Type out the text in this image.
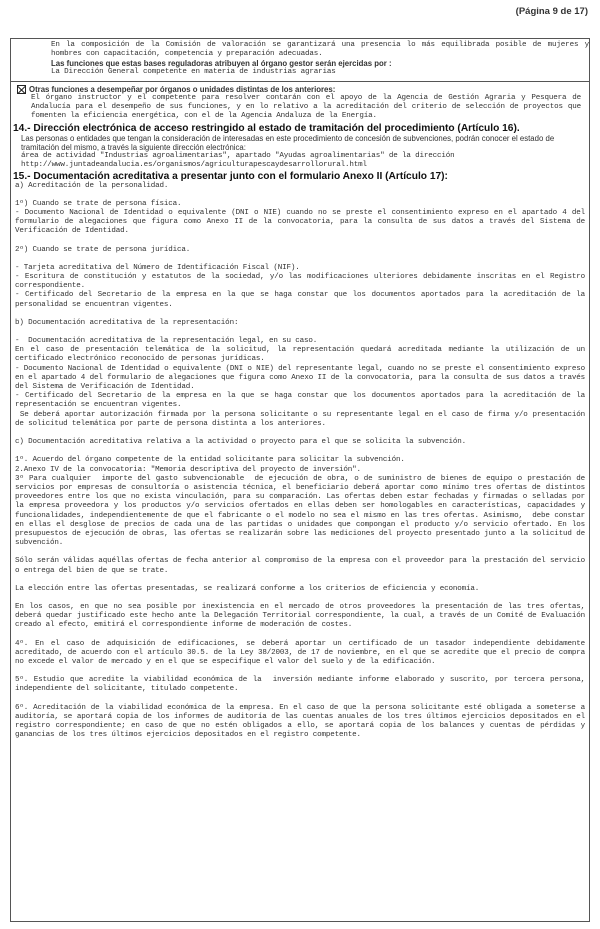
(Página 9 de 17)
En la composición de la Comisión de valoración se garantizará una presencia lo más equilibrada posible de mujeres y hombres con capacitación, competencia y preparación adecuadas.
Las funciones que estas bases reguladoras atribuyen al órgano gestor serán ejercidas por :
La Dirección General competente en materia de industrias agrarias
Otras funciones a desempeñar por órganos o unidades distintas de los anteriores:
El órgano instructor y el competente para resolver contarán con el apoyo de la Agencia de Gestión Agraria y Pesquera de Andalucía para el desempeño de sus funciones, y en lo relativo a la acreditación del criterio de selección de proyectos que fomenten la eficiencia energética, con el de la Agencia Andaluza de la Energía.
14.- Dirección electrónica de acceso restringido al estado de tramitación del procedimiento (Artículo 16).
Las personas o entidades que tengan la consideración de interesadas en este procedimiento de concesión de subvenciones, podrán conocer el estado de tramitación del mismo, a través la siguiente dirección electrónica:
área de actividad "Industrias agroalimentarias", apartado "Ayudas agroalimentarias" de la dirección
http://www.juntadeandalucia.es/organismos/agriculturapescaydesarrollorural.html
15.- Documentación acreditativa a presentar junto con el formulario Anexo II (Artículo 17):
a) Acreditación de la personalidad.
1º) Cuando se trate de persona física.
- Documento Nacional de Identidad o equivalente (DNI o NIE) cuando no se preste el consentimiento expreso en el apartado 4 del formulario de alegaciones que figura como Anexo II de la convocatoria, para la consulta de sus datos a través del Sistema de Verificación de Identidad.
2º) Cuando se trate de persona jurídica.
- Tarjeta acreditativa del Número de Identificación Fiscal (NIF).
- Escritura de constitución y estatutos de la sociedad, y/o las modificaciones ulteriores debidamente inscritas en el Registro correspondiente.
- Certificado del Secretario de la empresa en la que se haga constar que los documentos aportados para la acreditación de la personalidad se encuentran vigentes.
b) Documentación acreditativa de la representación:
-  Documentación acreditativa de la representación legal, en su caso.
En el caso de presentación telemática de la solicitud, la representación quedará acreditada mediante la utilización de un certificado electrónico reconocido de personas jurídicas.
- Documento Nacional de Identidad o equivalente (DNI o NIE) del representante legal, cuando no se preste el consentimiento expreso en el apartado 4 del formulario de alegaciones que figura como Anexo II de la convocatoria, para la consulta de sus datos a través del Sistema de Verificación de Identidad.
- Certificado del Secretario de la empresa en la que se haga constar que los documentos aportados para la acreditación de la representación se encuentran vigentes.
Se deberá aportar autorización firmada por la persona solicitante o su representante legal en el caso de firma y/o presentación de solicitud telemática por parte de persona distinta a los anteriores.
c) Documentación acreditativa relativa a la actividad o proyecto para el que se solicita la subvención.
1º. Acuerdo del órgano competente de la entidad solicitante para solicitar la subvención.
2.Anexo IV de la convocatoria: "Memoria descriptiva del proyecto de inversión".
3º Para cualquier  importe del gasto subvencionable  de ejecución de obra, o de suministro de bienes de equipo o prestación de servicios por empresas de consultoría o asistencia técnica, el beneficiario deberá aportar como mínimo tres ofertas de distintos proveedores entre los que no exista vinculación, para su comparación. Las ofertas deben estar fechadas y firmadas o selladas por la empresa proveedora y los productos y/o servicios ofertados en ellas deben ser homologables en características, capacidades y funcionalidades, independientemente de que el fabricante o el modelo no sea el mismo en las tres ofertas. Asimismo,  debe constar en ellas el desglose de precios de cada una de las partidas o unidades que compongan el producto y/o servicio ofertado. En los presupuestos de ejecución de obras, las ofertas se realizarán sobre las mediciones del proyecto presentado junto a la solicitud de subvención.
Sólo serán válidas aquéllas ofertas de fecha anterior al compromiso de la empresa con el proveedor para la prestación del servicio o entrega del bien de que se trate.
La elección entre las ofertas presentadas, se realizará conforme a los criterios de eficiencia y economía.
En los casos, en que no sea posible por inexistencia en el mercado de otros proveedores la presentación de las tres ofertas, deberá quedar justificado este hecho ante la Delegación Territorial correspondiente, la cual, a través de un Comité de Evaluación creado al efecto, emitirá el correspondiente informe de moderación de costes.
4º. En el caso de adquisición de edificaciones, se deberá aportar un certificado de un tasador independiente debidamente acreditado, de acuerdo con el artículo 30.5. de la Ley 38/2003, de 17 de noviembre, en el que se acredite que el precio de compra no excede el valor de mercado y en el que se especifique el valor del suelo y de la edificación.
5º. Estudio que acredite la viabilidad económica de la  inversión mediante informe elaborado y suscrito, por tercera persona, independiente del solicitante, titulado competente.
6º. Acreditación de la viabilidad económica de la empresa. En el caso de que la persona solicitante esté obligada a someterse a auditoría, se aportará copia de los informes de auditoría de las cuentas anuales de los tres últimos ejercicios depositados en el registro correspondiente; en caso de que no estén obligados a ello, se aportará copia de los balances y cuentas de pérdidas y ganancias de los tres últimos ejercicios depositados en el registro competente.
